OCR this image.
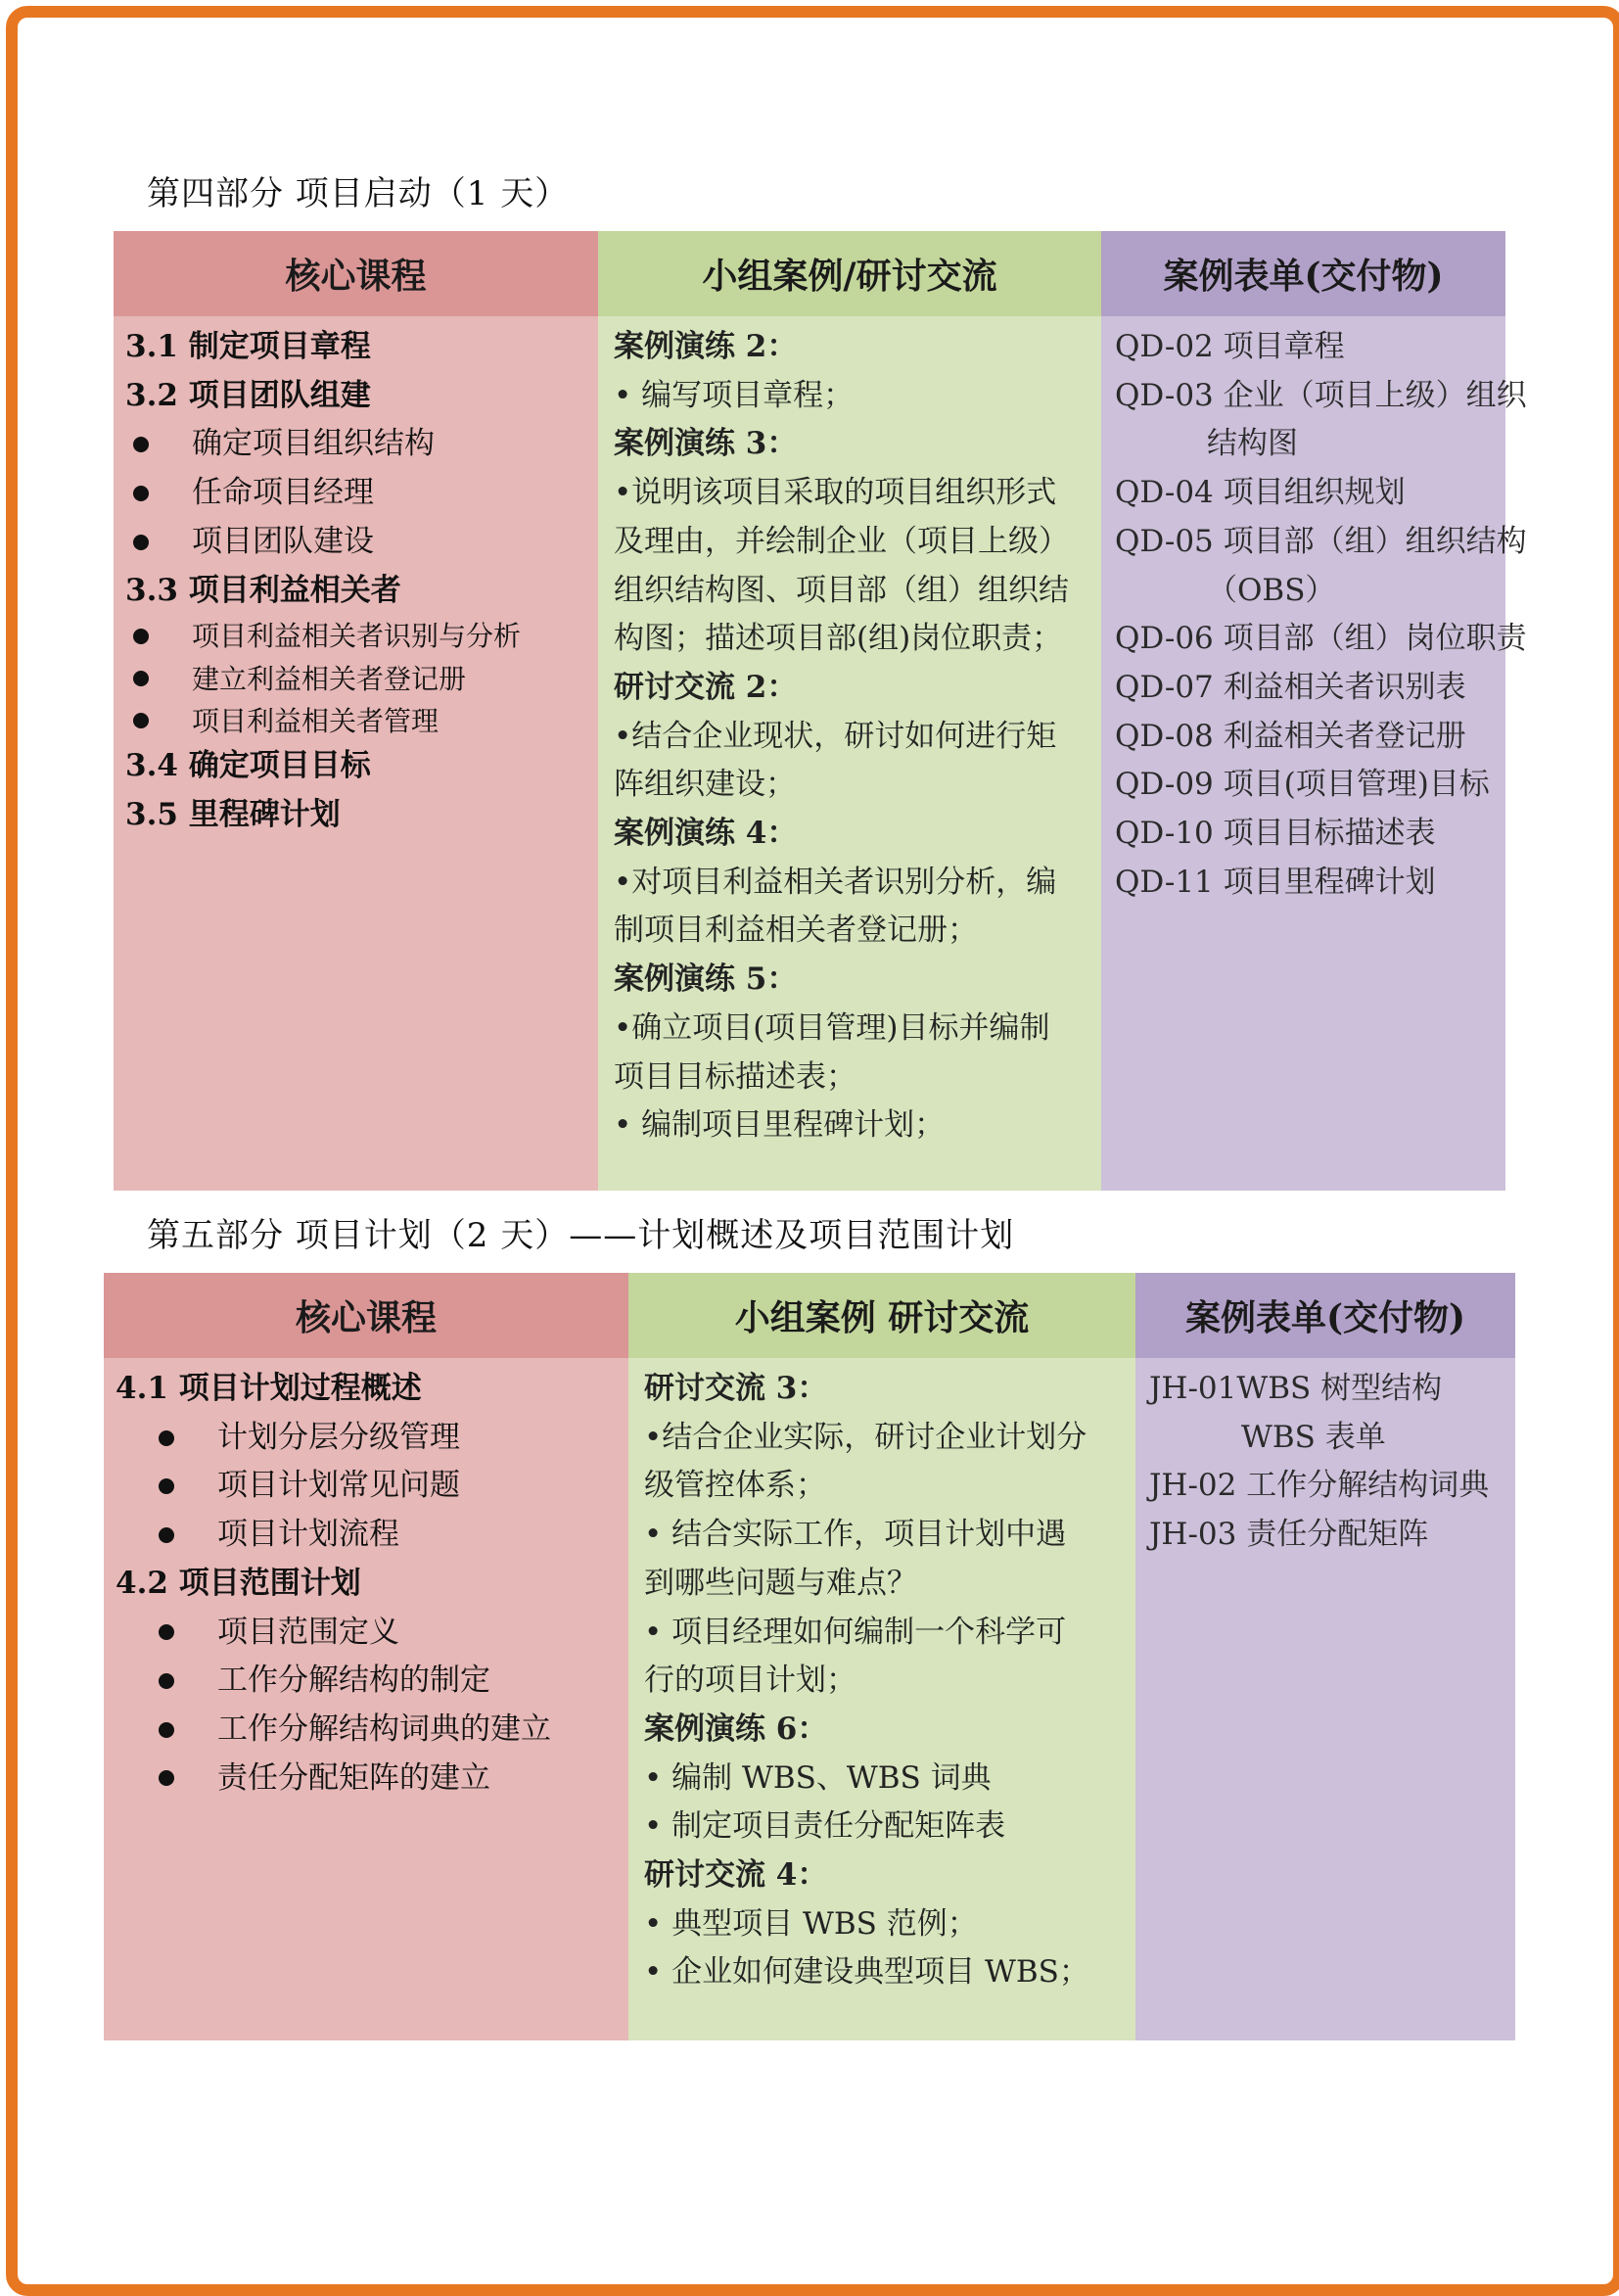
第四部分 项目启动（1 天）
核心课程
3.1 制定项目章程
3.2 项目团队组建
确定项目组织结构
任命项目经理
项目团队建设
3.3 项目利益相关者
项目利益相关者识别与分析
建立利益相关者登记册
项目利益相关者管理
3.4 确定项目目标
3.5 里程碑计划
小组案例/研讨交流
案例演练 2：
• 编写项目章程；
案例演练 3：
•说明该项目采取的项目组织形式
及理由，并绘制企业（项目上级）
组织结构图、项目部（组）组织结
构图；描述项目部(组)岗位职责；
研讨交流 2：
•结合企业现状，研讨如何进行矩
阵组织建设；
案例演练 4：
•对项目利益相关者识别分析，编
制项目利益相关者登记册；
案例演练 5：
•确立项目(项目管理)目标并编制
项目目标描述表；
• 编制项目里程碑计划；
案例表单(交付物)
QD-02 项目章程
QD-03 企业（项目上级）组织
结构图
QD-04 项目组织规划
QD-05 项目部（组）组织结构
（OBS）
QD-06 项目部（组）岗位职责
QD-07 利益相关者识别表
QD-08 利益相关者登记册
QD-09 项目(项目管理)目标
QD-10 项目目标描述表
QD-11 项目里程碑计划
第五部分 项目计划（2 天）——计划概述及项目范围计划
核心课程
4.1 项目计划过程概述
计划分层分级管理
项目计划常见问题
项目计划流程
4.2 项目范围计划
项目范围定义
工作分解结构的制定
工作分解结构词典的建立
责任分配矩阵的建立
小组案例 研讨交流
研讨交流 3：
•结合企业实际，研讨企业计划分
级管控体系；
• 结合实际工作，项目计划中遇
到哪些问题与难点？
• 项目经理如何编制一个科学可
行的项目计划；
案例演练 6：
• 编制 WBS、WBS 词典
• 制定项目责任分配矩阵表
研讨交流 4：
• 典型项目 WBS 范例；
• 企业如何建设典型项目 WBS；
案例表单(交付物)
JH-01WBS 树型结构
WBS 表单
JH-02 工作分解结构词典
JH-03 责任分配矩阵
